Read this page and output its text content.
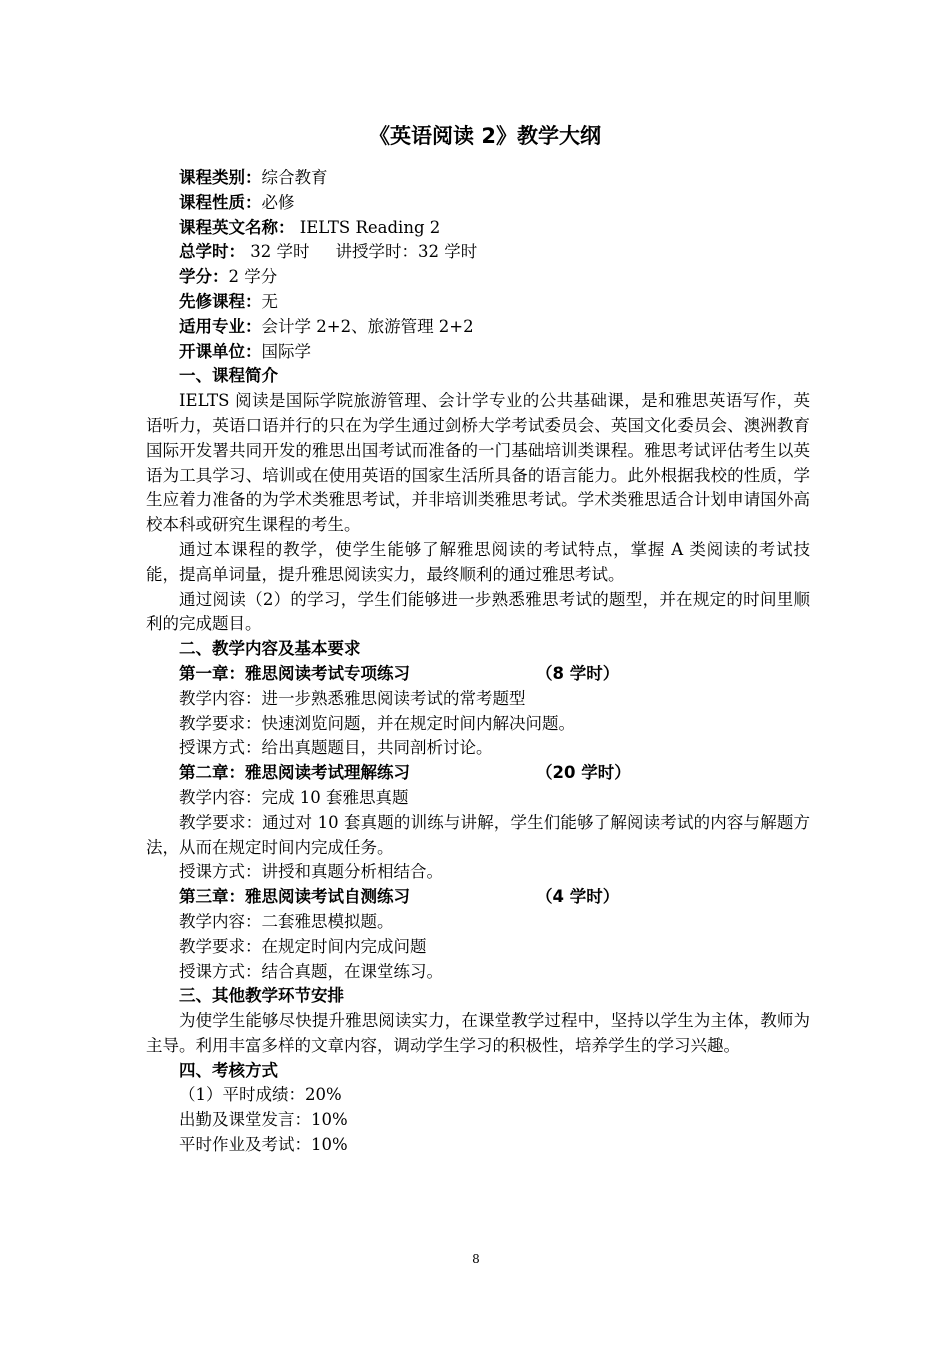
《英语阅读 2》教学大纲
课程类别：综合教育
课程性质：必修
课程英文名称： IELTS Reading 2
总学时： 32 学时 讲授学时：32 学时
学分：2 学分
先修课程：无
适用专业：会计学 2+2、旅游管理 2+2
开课单位：国际学
一、课程简介
IELTS 阅读是国际学院旅游管理、会计学专业的公共基础课，是和雅思英语写作，英语听力，英语口语并行的只在为学生通过剑桥大学考试委员会、英国文化委员会、澳洲教育国际开发署共同开发的雅思出国考试而准备的一门基础培训类课程。雅思考试评估考生以英语为工具学习、培训或在使用英语的国家生活所具备的语言能力。此外根据我校的性质，学生应着力准备的为学术类雅思考试，并非培训类雅思考试。学术类雅思适合计划申请国外高校本科或研究生课程的考生。
通过本课程的教学，使学生能够了解雅思阅读的考试特点，掌握 A 类阅读的考试技能，提高单词量，提升雅思阅读实力，最终顺利的通过雅思考试。
通过阅读（2）的学习，学生们能够进一步熟悉雅思考试的题型，并在规定的时间里顺利的完成题目。
二、教学内容及基本要求
第一章：雅思阅读考试专项练习	（8 学时）
教学内容：进一步熟悉雅思阅读考试的常考题型
教学要求：快速浏览问题，并在规定时间内解决问题。
授课方式：给出真题题目，共同剖析讨论。
第二章：雅思阅读考试理解练习	（20 学时）
教学内容：完成 10 套雅思真题
教学要求：通过对 10 套真题的训练与讲解，学生们能够了解阅读考试的内容与解题方法，从而在规定时间内完成任务。
授课方式：讲授和真题分析相结合。
第三章：雅思阅读考试自测练习	（4 学时）
教学内容：二套雅思模拟题。
教学要求：在规定时间内完成问题
授课方式：结合真题，在课堂练习。
三、其他教学环节安排
为使学生能够尽快提升雅思阅读实力，在课堂教学过程中，坚持以学生为主体，教师为主导。利用丰富多样的文章内容，调动学生学习的积极性，培养学生的学习兴趣。
四、考核方式
（1）平时成绩：20%
出勤及课堂发言：10%
平时作业及考试：10%
8
